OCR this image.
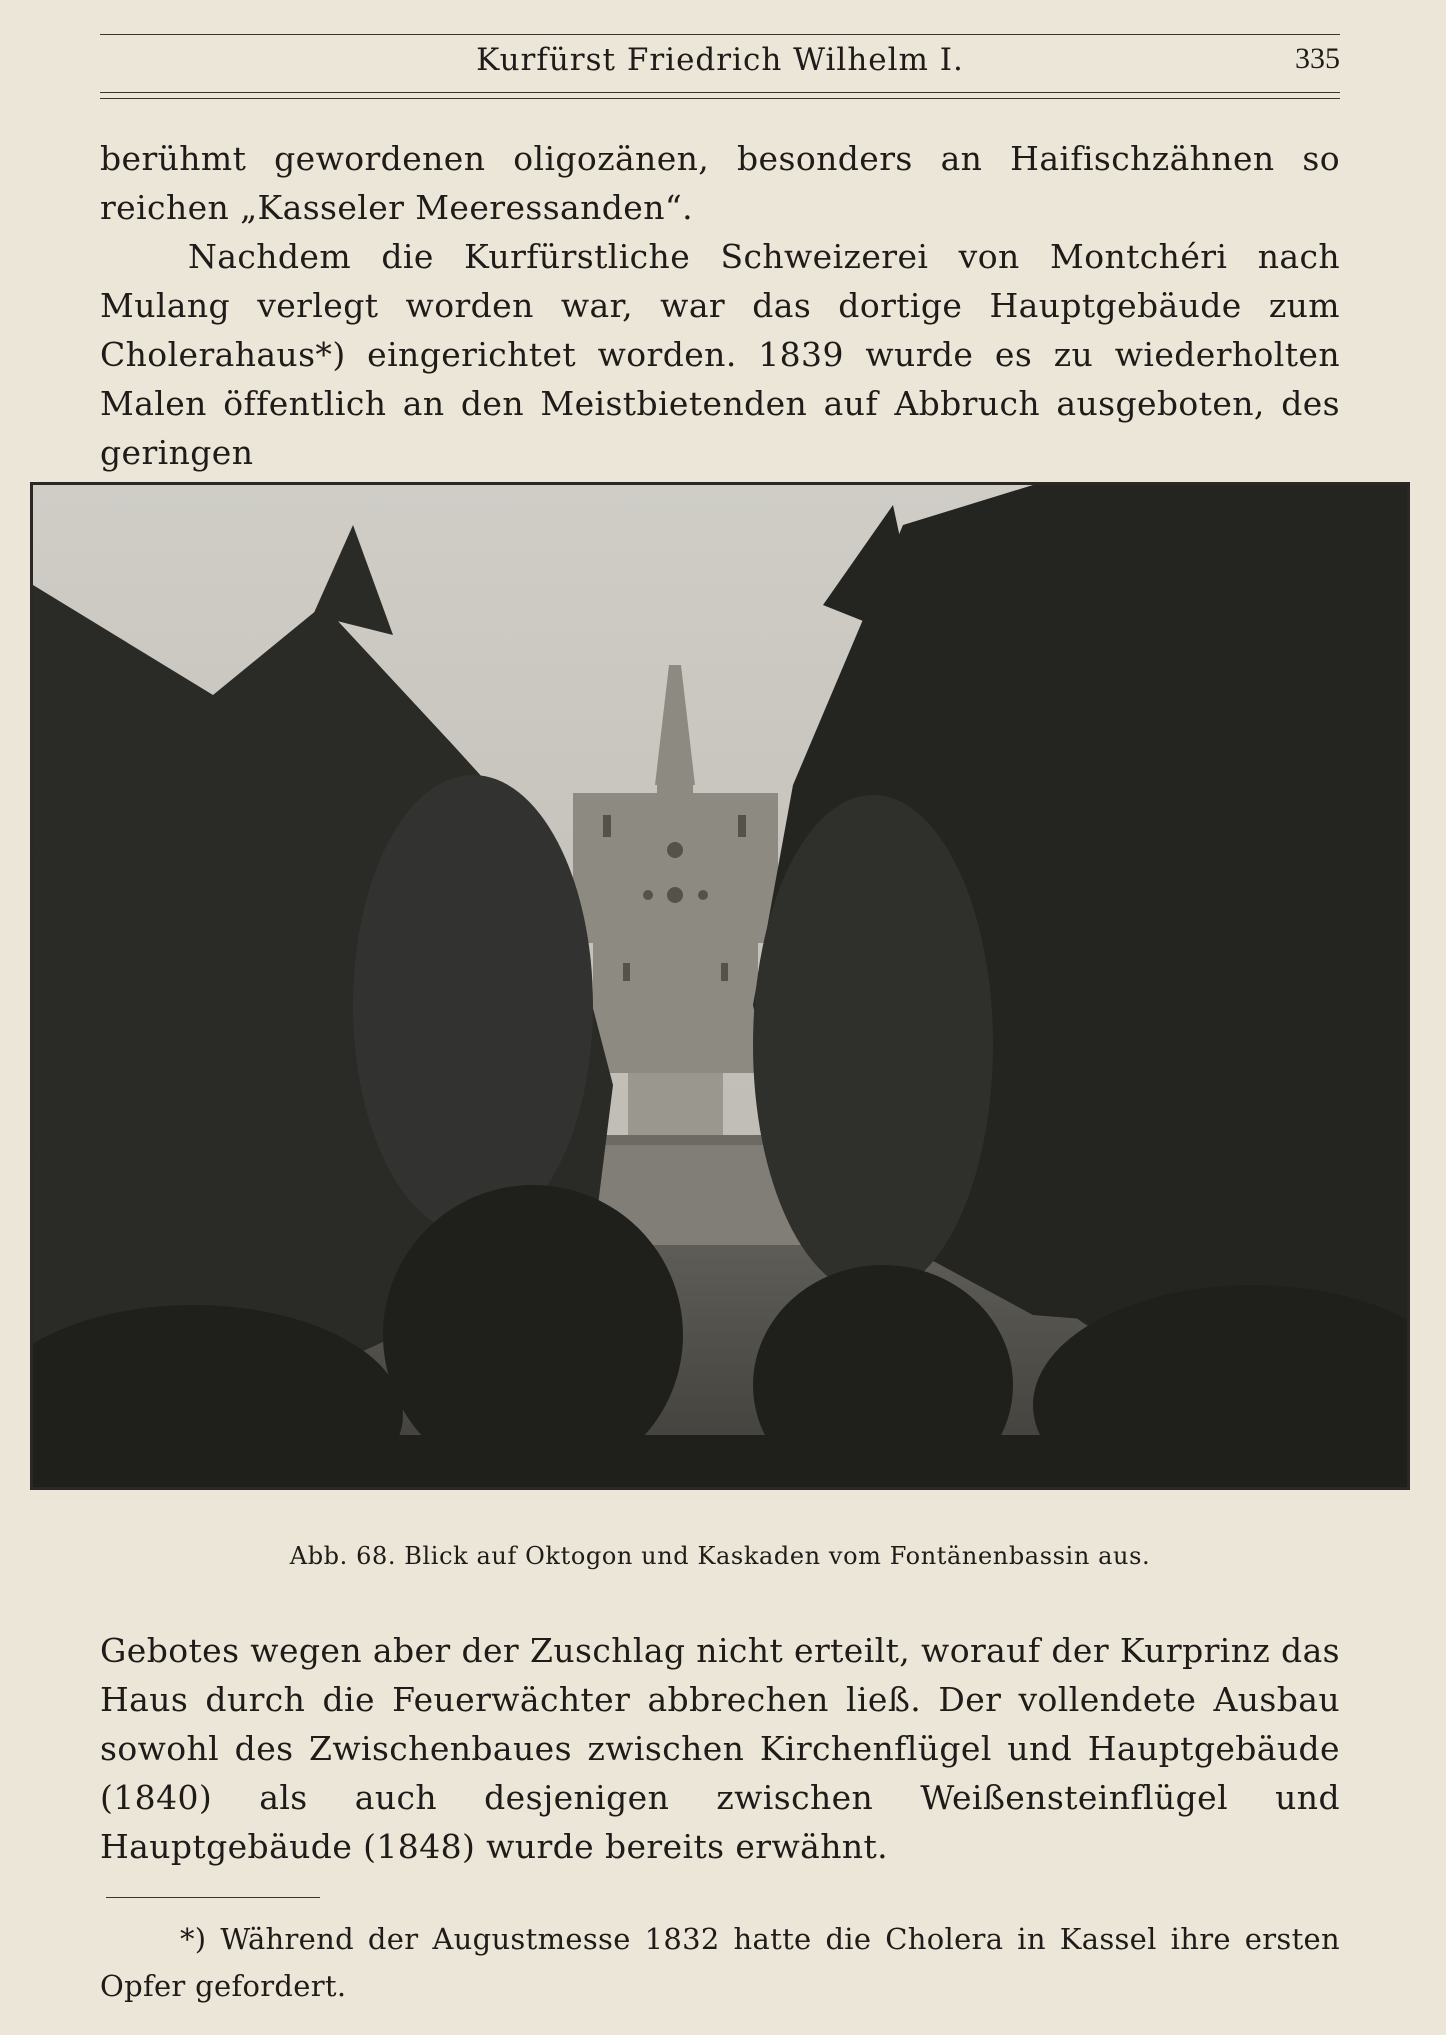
Kurfürst Friedrich Wilhelm I.	335

berühmt gewordenen oligozänen, besonders an Haifischzähnen so reichen „Kasseler Meeressanden“.

Nachdem die Kurfürstliche Schweizerei von Montchéri nach Mulang verlegt worden war, war das dortige Hauptgebäude zum Cholerahaus*) eingerichtet worden. 1839 wurde es zu wiederholten Malen öffentlich an den Meistbietenden auf Abbruch ausgeboten, des geringen

Abb. 68. Blick auf Oktogon und Kaskaden vom Fontänenbassin aus.

Gebotes wegen aber der Zuschlag nicht erteilt, worauf der Kurprinz das Haus durch die Feuerwächter abbrechen ließ. Der vollendete Ausbau sowohl des Zwischenbaues zwischen Kirchenflügel und Hauptgebäude (1840) als auch desjenigen zwischen Weißensteinflügel und Hauptgebäude (1848) wurde bereits erwähnt.

*) Während der Augustmesse 1832 hatte die Cholera in Kassel ihre ersten Opfer gefordert.
